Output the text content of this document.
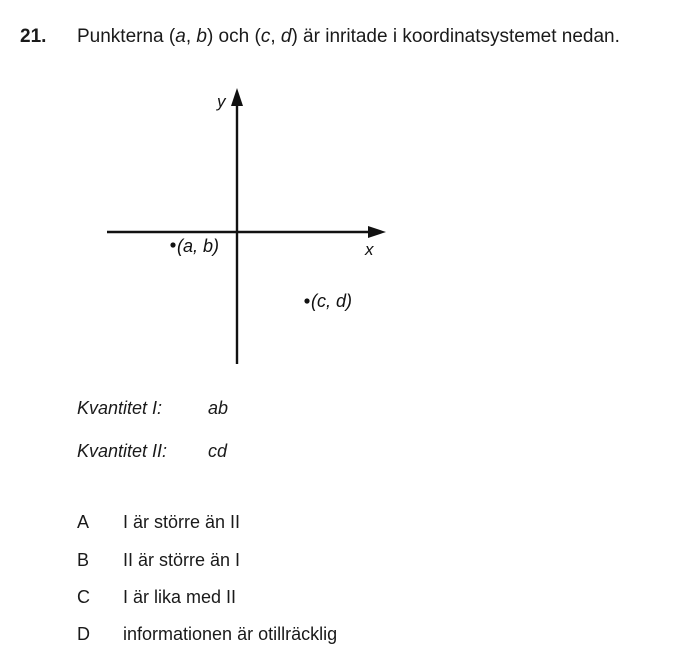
21. Punkterna (a, b) och (c, d) är inritade i koordinatsystemet nedan.
y
x
(a, b)
(c, d)
Kvantitet I:	ab
Kvantitet II: cd
A I är större än II
B II är större än I
C I är lika med II
D informationen är otillräcklig
